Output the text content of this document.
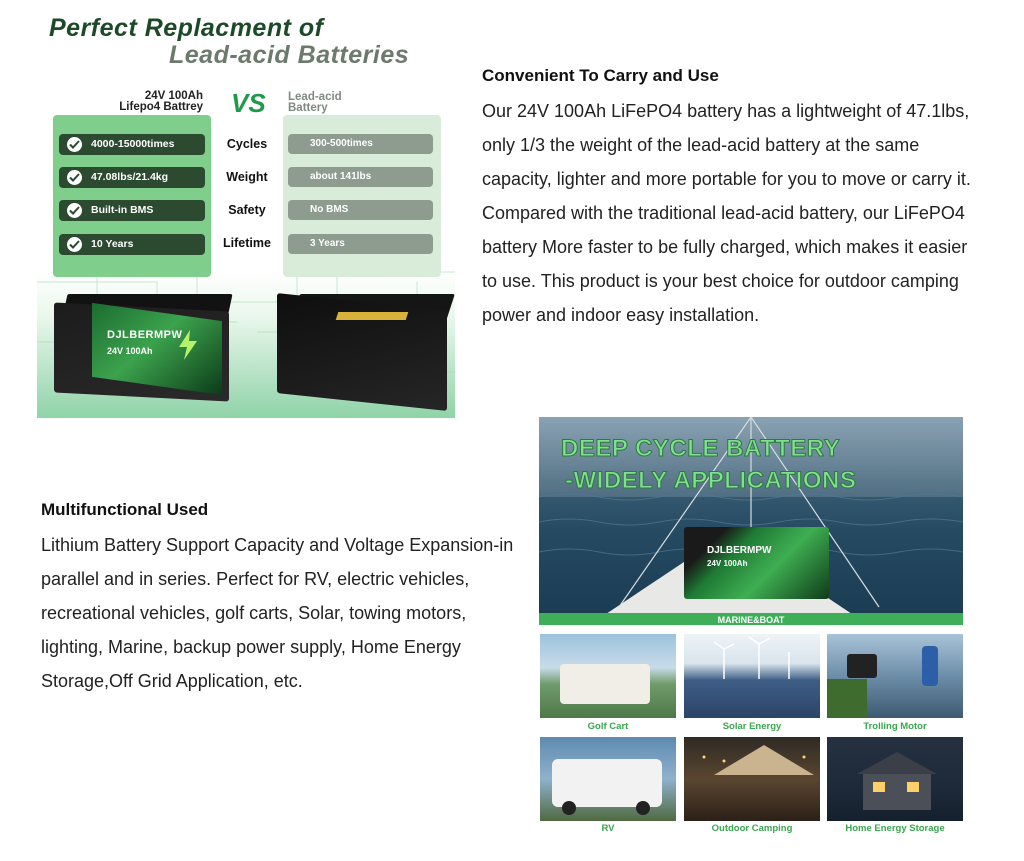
Perfect Replacment of
Lead-acid Batteries
24V 100Ah
Lifepo4 Battrey VS Lead-acid
Battery
4000-15000times	Cycles	300-500times
47.08lbs/21.4kg	Weight	about 141lbs
Built-in BMS	Safety	No BMS
10 Years	Lifetime	3 Years
DJLBERMPW
24V 100Ah
Convenient To Carry and Use
Our 24V 100Ah LiFePO4 battery has a lightweight of 47.1lbs, only 1/3 the weight of the lead-acid battery at the same capacity, lighter and more portable for you to move or carry it. Compared with the traditional lead-acid battery, our LiFePO4 battery More faster to be fully charged, which makes it easier to use. This product is your best choice for outdoor camping power and indoor easy installation.
Multifunctional Used
Lithium Battery Support Capacity and Voltage Expansion-in parallel and in series. Perfect for RV, electric vehicles, recreational vehicles, golf carts, Solar, towing motors, lighting, Marine, backup power supply, Home Energy Storage,Off Grid Application, etc.
DEEP CYCLE BATTERY
-WIDELY APPLICATIONS
DJLBERMPW
24V 100Ah
MARINE&BOAT
Golf Cart	Solar Energy	Trolling Motor
RV	Outdoor Camping	Home Energy Storage
